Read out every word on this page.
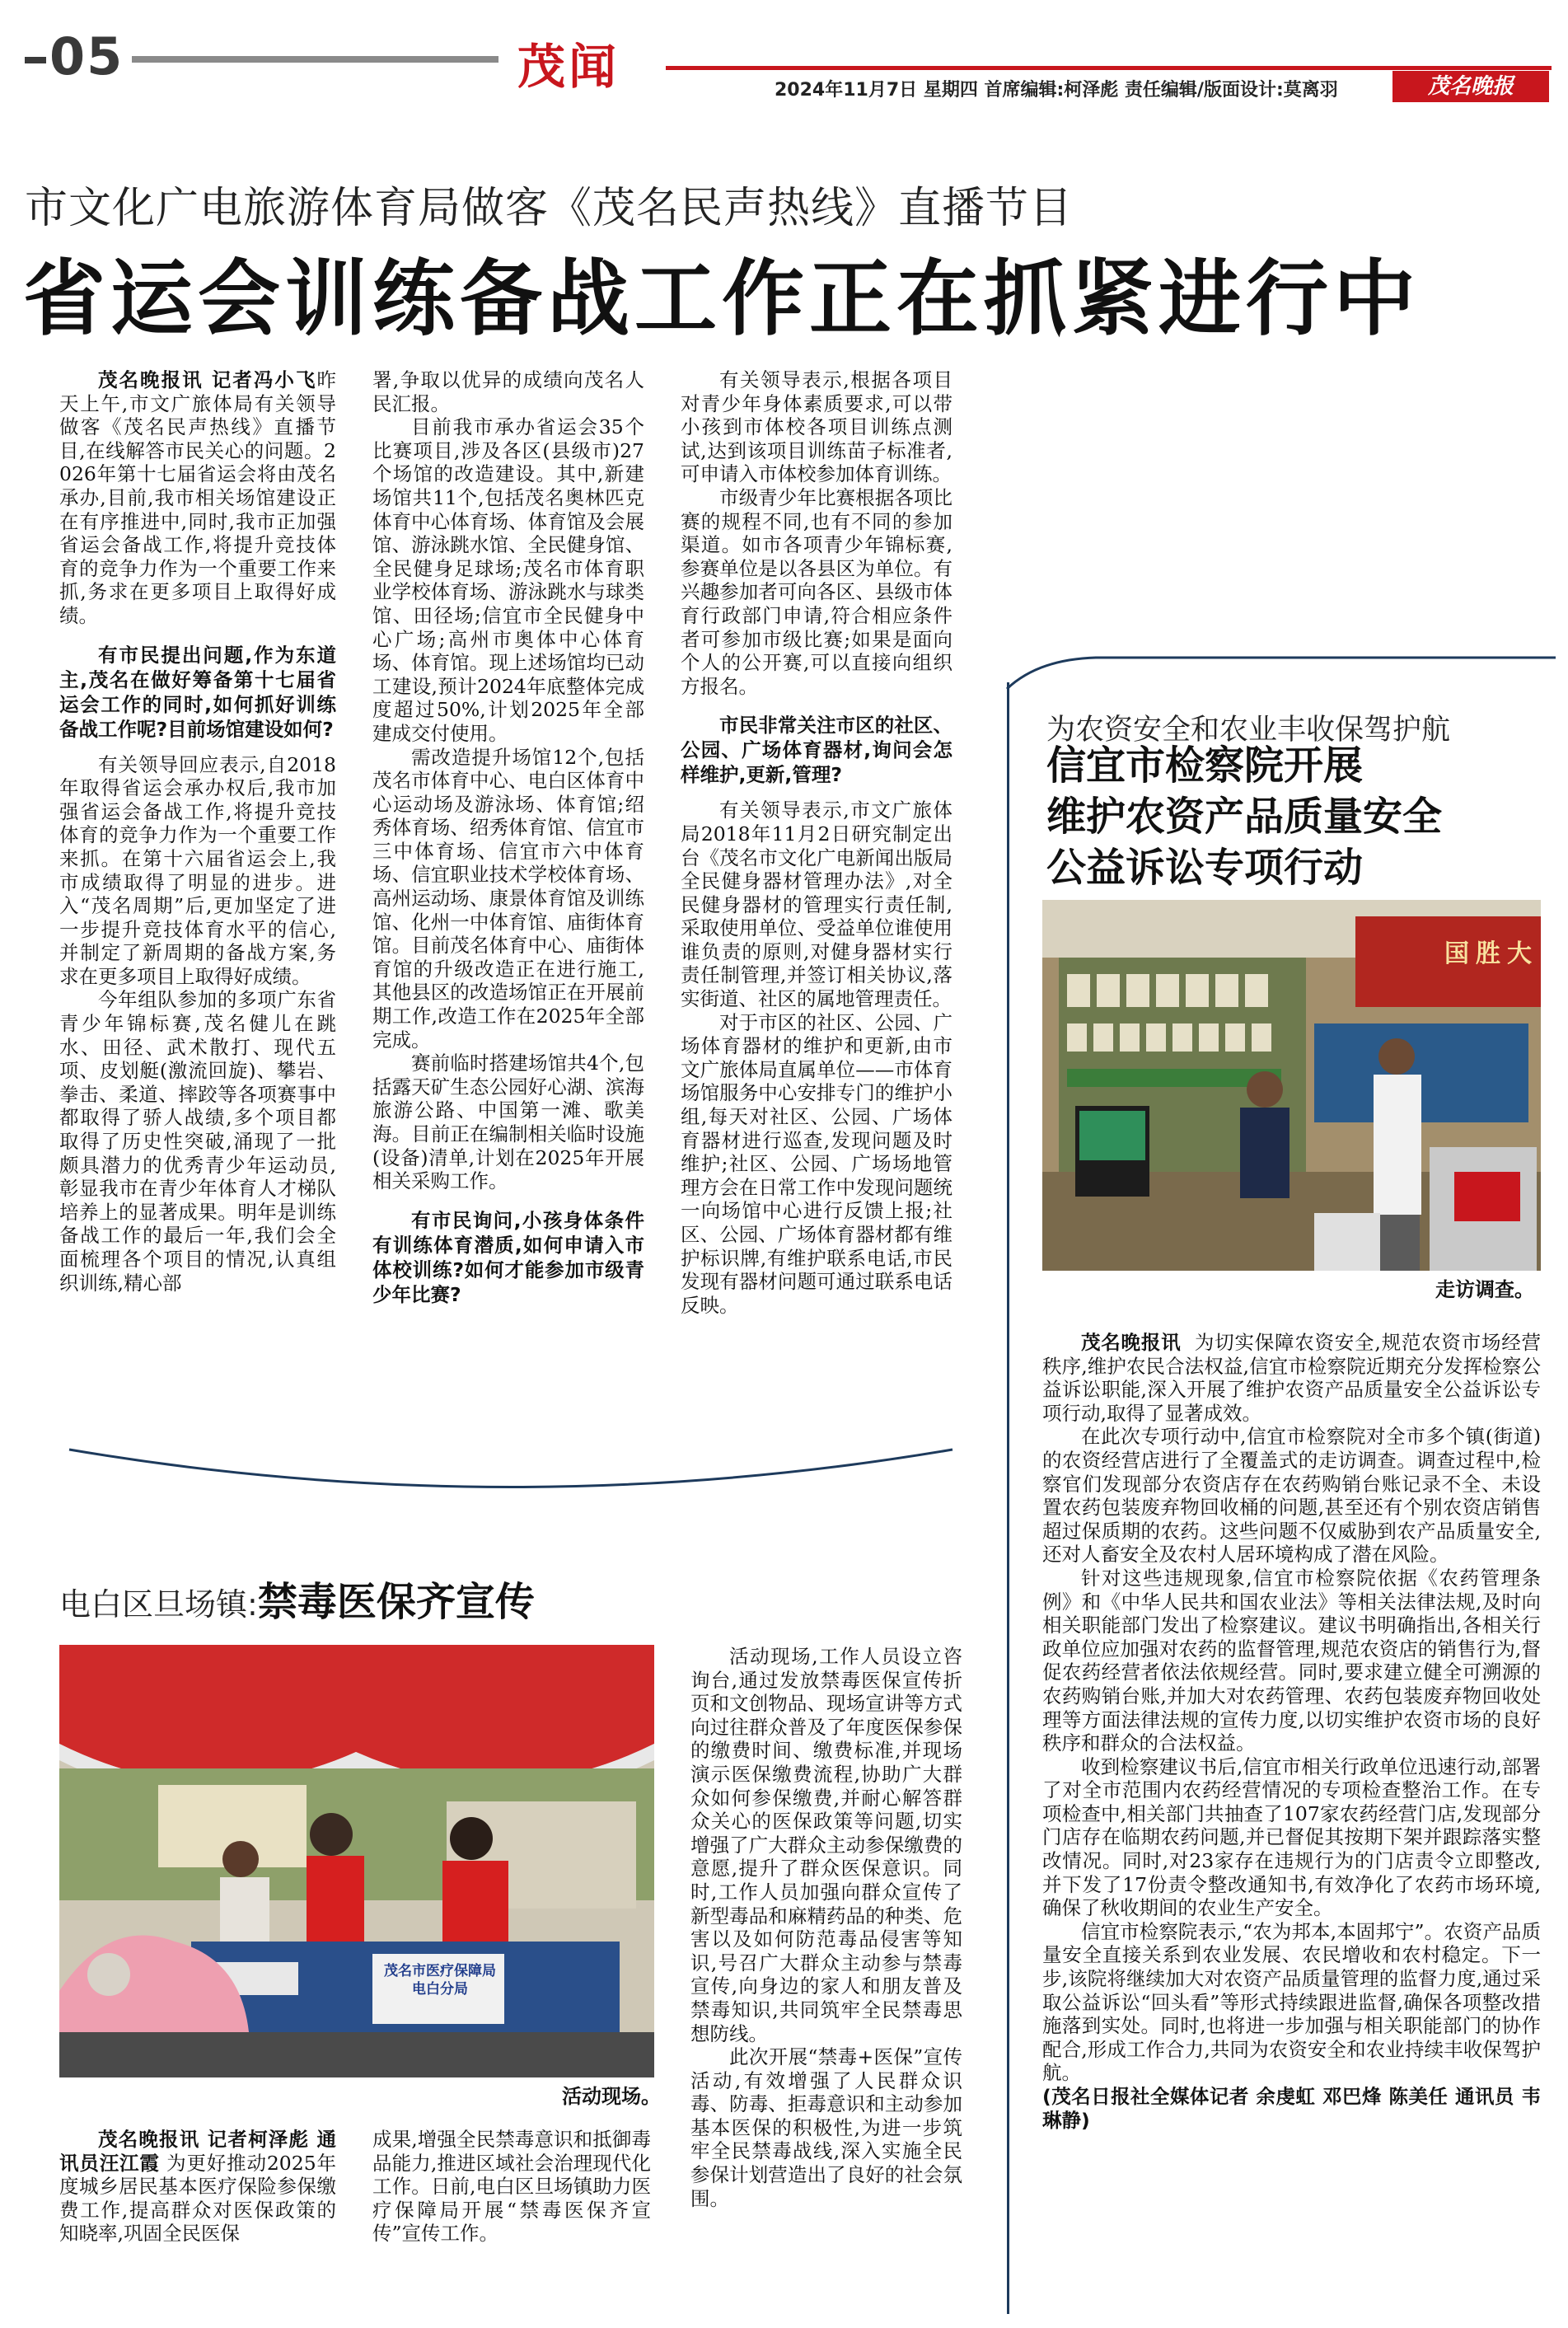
05	茂闻	2024年11月7日 星期四 首席编辑:柯泽彪 责任编辑/版面设计:莫离羽	茂名晚报
市文化广电旅游体育局做客《茂名民声热线》直播节目
省运会训练备战工作正在抓紧进行中

茂名晚报讯 记者冯小飞昨天上午,市文广旅体局有关领导做客《茂名民声热线》直播节目,在线解答市民关心的问题。2026年第十七届省运会将由茂名承办,目前,我市相关场馆建设正在有序推进中,同时,我市正加强省运会备战工作,将提升竞技体育的竞争力作为一个重要工作来抓,务求在更多项目上取得好成绩。

有市民提出问题,作为东道主,茂名在做好筹备第十七届省运会工作的同时,如何抓好训练备战工作呢?目前场馆建设如何?

有关领导回应表示,自2018年取得省运会承办权后,我市加强省运会备战工作,将提升竞技体育的竞争力作为一个重要工作来抓。在第十六届省运会上,我市成绩取得了明显的进步。进入“茂名周期”后,更加坚定了进一步提升竞技体育水平的信心,并制定了新周期的备战方案,务求在更多项目上取得好成绩。

今年组队参加的多项广东省青少年锦标赛,茂名健儿在跳水、田径、武术散打、现代五项、皮划艇(激流回旋)、攀岩、拳击、柔道、摔跤等各项赛事中都取得了骄人战绩,多个项目都取得了历史性突破,涌现了一批颇具潜力的优秀青少年运动员,彰显我市在青少年体育人才梯队培养上的显著成果。明年是训练备战工作的最后一年,我们会全面梳理各个项目的情况,认真组织训练,精心部

署,争取以优异的成绩向茂名人民汇报。

目前我市承办省运会35个比赛项目,涉及各区(县级市)27个场馆的改造建设。其中,新建场馆共11个,包括茂名奥林匹克体育中心体育场、体育馆及会展馆、游泳跳水馆、全民健身馆、全民健身足球场;茂名市体育职业学校体育场、游泳跳水与球类馆、田径场;信宜市全民健身中心广场;高州市奥体中心体育场、体育馆。现上述场馆均已动工建设,预计2024年底整体完成度超过50%,计划2025年全部建成交付使用。

需改造提升场馆12个,包括茂名市体育中心、电白区体育中心运动场及游泳场、体育馆;绍秀体育场、绍秀体育馆、信宜市三中体育场、信宜市六中体育场、信宜职业技术学校体育场、高州运动场、康景体育馆及训练馆、化州一中体育馆、庙街体育馆。目前茂名体育中心、庙街体育馆的升级改造正在进行施工,其他县区的改造场馆正在开展前期工作,改造工作在2025年全部完成。

赛前临时搭建场馆共4个,包括露天矿生态公园好心湖、滨海旅游公路、中国第一滩、歌美海。目前正在编制相关临时设施(设备)清单,计划在2025年开展相关采购工作。

有市民询问,小孩身体条件有训练体育潜质,如何申请入市体校训练?如何才能参加市级青少年比赛?

有关领导表示,根据各项目对青少年身体素质要求,可以带小孩到市体校各项目训练点测试,达到该项目训练苗子标准者,可申请入市体校参加体育训练。

市级青少年比赛根据各项比赛的规程不同,也有不同的参加渠道。如市各项青少年锦标赛,参赛单位是以各县区为单位。有兴趣参加者可向各区、县级市体育行政部门申请,符合相应条件者可参加市级比赛;如果是面向个人的公开赛,可以直接向组织方报名。

市民非常关注市区的社区、公园、广场体育器材,询问会怎样维护,更新,管理?

有关领导表示,市文广旅体局2018年11月2日研究制定出台《茂名市文化广电新闻出版局全民健身器材管理办法》,对全民健身器材的管理实行责任制,采取使用单位、受益单位谁使用谁负责的原则,对健身器材实行责任制管理,并签订相关协议,落实街道、社区的属地管理责任。

对于市区的社区、公园、广场体育器材的维护和更新,由市文广旅体局直属单位——市体育场馆服务中心安排专门的维护小组,每天对社区、公园、广场体育器材进行巡查,发现问题及时维护;社区、公园、广场场地管理方会在日常工作中发现问题统一向场馆中心进行反馈上报;社区、公园、广场体育器材都有维护标识牌,有维护联系电话,市民发现有器材问题可通过联系电话反映。

为农资安全和农业丰收保驾护航
信宜市检察院开展
维护农资产品质量安全
公益诉讼专项行动
国 胜 大
走访调查。

茂名晚报讯 为切实保障农资安全,规范农资市场经营秩序,维护农民合法权益,信宜市检察院近期充分发挥检察公益诉讼职能,深入开展了维护农资产品质量安全公益诉讼专项行动,取得了显著成效。

在此次专项行动中,信宜市检察院对全市多个镇(街道)的农资经营店进行了全覆盖式的走访调查。调查过程中,检察官们发现部分农资店存在农药购销台账记录不全、未设置农药包装废弃物回收桶的问题,甚至还有个别农资店销售超过保质期的农药。这些问题不仅威胁到农产品质量安全,还对人畜安全及农村人居环境构成了潜在风险。

针对这些违规现象,信宜市检察院依据《农药管理条例》和《中华人民共和国农业法》等相关法律法规,及时向相关职能部门发出了检察建议。建议书明确指出,各相关行政单位应加强对农药的监督管理,规范农资店的销售行为,督促农药经营者依法依规经营。同时,要求建立健全可溯源的农药购销台账,并加大对农药管理、农药包装废弃物回收处理等方面法律法规的宣传力度,以切实维护农资市场的良好秩序和群众的合法权益。

收到检察建议书后,信宜市相关行政单位迅速行动,部署了对全市范围内农药经营情况的专项检查整治工作。在专项检查中,相关部门共抽查了107家农药经营门店,发现部分门店存在临期农药问题,并已督促其按期下架并跟踪落实整改情况。同时,对23家存在违规行为的门店责令立即整改,并下发了17份责令整改通知书,有效净化了农药市场环境,确保了秋收期间的农业生产安全。

信宜市检察院表示,“农为邦本,本固邦宁”。农资产品质量安全直接关系到农业发展、农民增收和农村稳定。下一步,该院将继续加大对农资产品质量管理的监督力度,通过采取公益诉讼“回头看”等形式持续跟进监督,确保各项整改措施落到实处。同时,也将进一步加强与相关职能部门的协作配合,形成工作合力,共同为农资安全和农业持续丰收保驾护航。

(茂名日报社全媒体记者 余虔虹 邓巴烽 陈美任 通讯员 韦琳静)

电白区旦场镇:禁毒医保齐宣传
茂名市医疗保障局 电白分局
活动现场。

茂名晚报讯 记者柯泽彪 通讯员汪江霞 为更好推动2025年度城乡居民基本医疗保险参保缴费工作,提高群众对医保政策的知晓率,巩固全民医保

成果,增强全民禁毒意识和抵御毒品能力,推进区域社会治理现代化工作。日前,电白区旦场镇助力医疗保障局开展“禁毒医保齐宣传”宣传工作。

活动现场,工作人员设立咨询台,通过发放禁毒医保宣传折页和文创物品、现场宣讲等方式向过往群众普及了年度医保参保的缴费时间、缴费标准,并现场演示医保缴费流程,协助广大群众如何参保缴费,并耐心解答群众关心的医保政策等问题,切实增强了广大群众主动参保缴费的意愿,提升了群众医保意识。同时,工作人员加强向群众宣传了新型毒品和麻精药品的种类、危害以及如何防范毒品侵害等知识,号召广大群众主动参与禁毒宣传,向身边的家人和朋友普及禁毒知识,共同筑牢全民禁毒思想防线。

此次开展“禁毒+医保”宣传活动,有效增强了人民群众识毒、防毒、拒毒意识和主动参加基本医保的积极性,为进一步筑牢全民禁毒战线,深入实施全民参保计划营造出了良好的社会氛围。
